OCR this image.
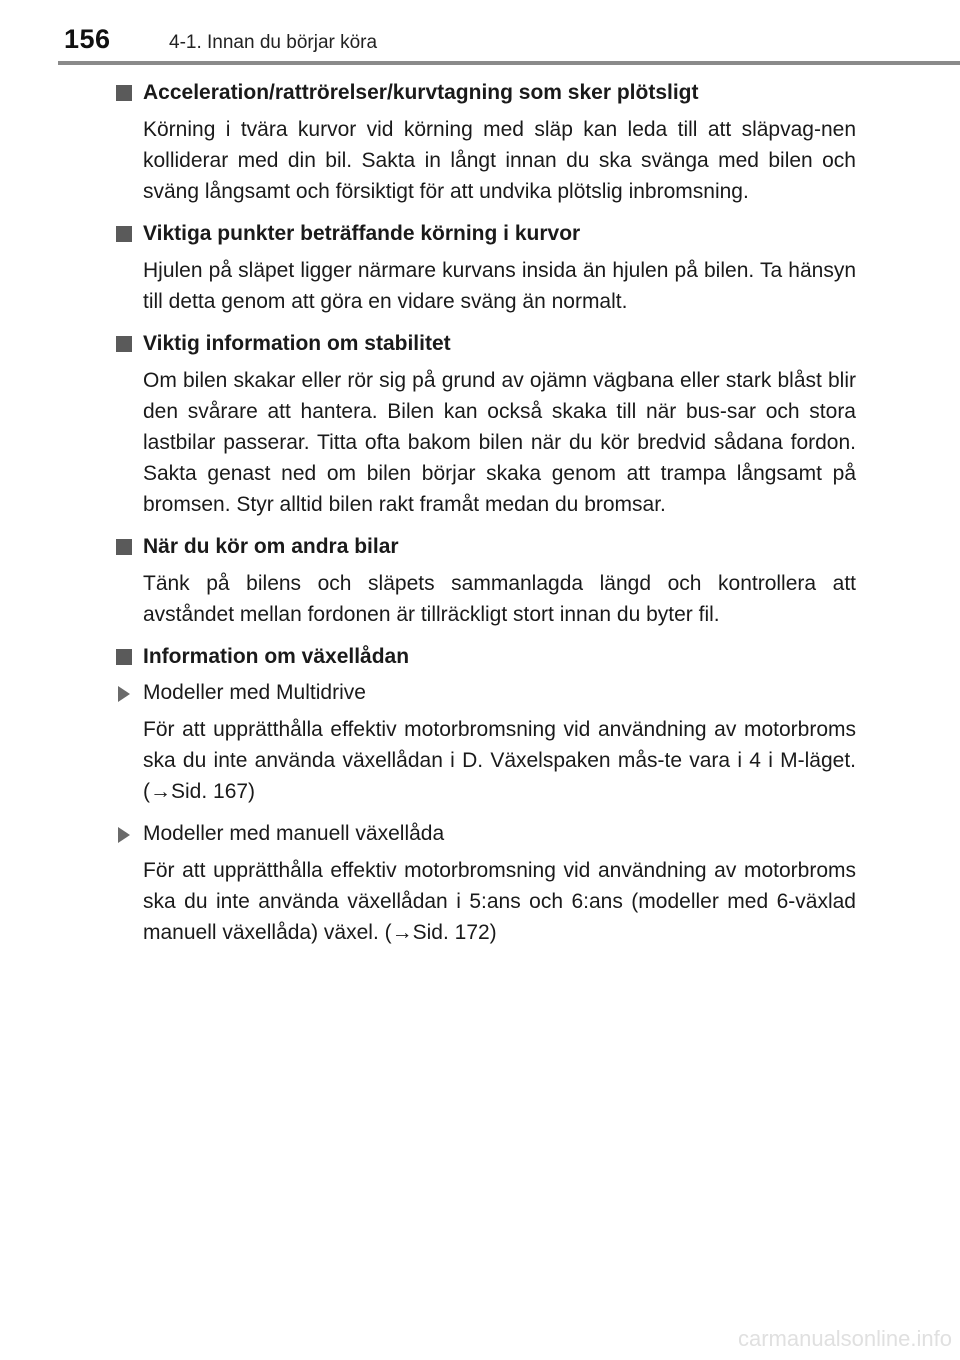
156	4-1. Innan du börjar köra
Acceleration/rattrörelser/kurvtagning som sker plötsligt

Körning i tvära kurvor vid körning med släp kan leda till att släpvag-nen kolliderar med din bil. Sakta in långt innan du ska svänga med bilen och sväng långsamt och försiktigt för att undvika plötslig inbromsning.

Viktiga punkter beträffande körning i kurvor

Hjulen på släpet ligger närmare kurvans insida än hjulen på bilen. Ta hänsyn till detta genom att göra en vidare sväng än normalt.

Viktig information om stabilitet

Om bilen skakar eller rör sig på grund av ojämn vägbana eller stark blåst blir den svårare att hantera. Bilen kan också skaka till när bus-sar och stora lastbilar passerar. Titta ofta bakom bilen när du kör bredvid sådana fordon. Sakta genast ned om bilen börjar skaka genom att trampa långsamt på bromsen. Styr alltid bilen rakt framåt medan du bromsar.

När du kör om andra bilar

Tänk på bilens och släpets sammanlagda längd och kontrollera att avståndet mellan fordonen är tillräckligt stort innan du byter fil.

Information om växellådan
Modeller med Multidrive

För att upprätthålla effektiv motorbromsning vid användning av motorbroms ska du inte använda växellådan i D. Växelspaken mås-te vara i 4 i M-läget. (→Sid. 167)

Modeller med manuell växellåda

För att upprätthålla effektiv motorbromsning vid användning av motorbroms ska du inte använda växellådan i 5:ans och 6:ans (modeller med 6-växlad manuell växellåda) växel. (→Sid. 172)

carmanualsonline.info
